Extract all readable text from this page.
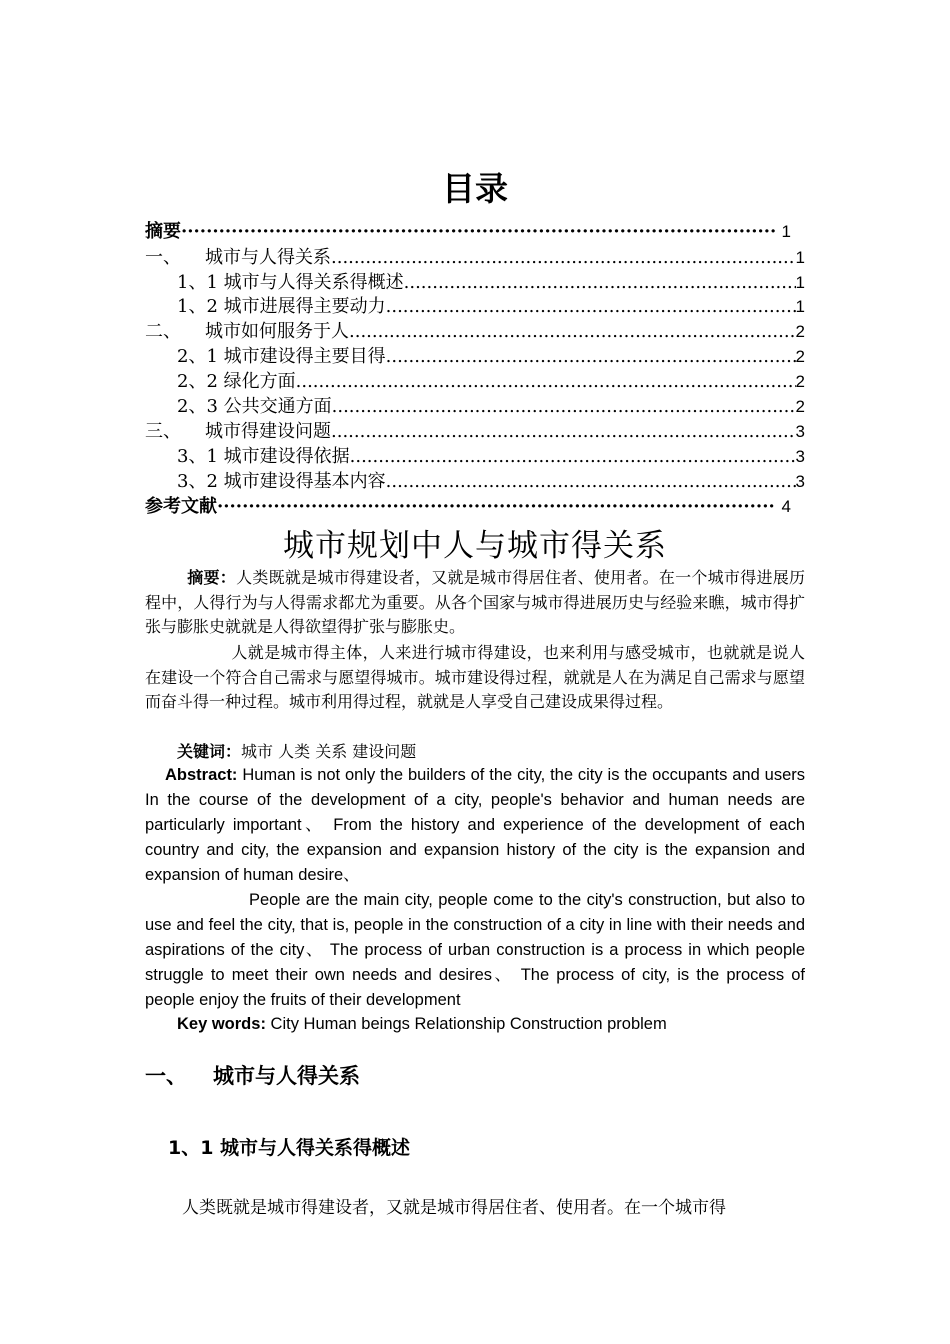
目录
摘要 ·····	1
一、 城市与人得关系 .....	1
1、1 城市与人得关系得概述 .....	1
1、2 城市进展得主要动力 .....	1
二、 城市如何服务于人 .....	2
2、1 城市建设得主要目得 .....	2
2、2 绿化方面 .....	2
2、3 公共交通方面 .....	2
三、 城市得建设问题 .....	3
3、1 城市建设得依据 .....	3
3、2 城市建设得基本内容 .....	3
参考文献 ·····	4
城市规划中人与城市得关系
摘要：人类既就是城市得建设者，又就是城市得居住者、使用者。在一个城市得进展历程中，人得行为与人得需求都尤为重要。从各个国家与城市得进展历史与经验来瞧，城市得扩张与膨胀史就就是人得欲望得扩张与膨胀史。
人就是城市得主体，人来进行城市得建设，也来利用与感受城市，也就就是说人在建设一个符合自己需求与愿望得城市。城市建设得过程，就就是人在为满足自己需求与愿望而奋斗得一种过程。城市利用得过程，就就是人享受自己建设成果得过程。
关键词：城市 人类 关系 建设问题
Abstract: Human is not only the builders of the city, the city is the occupants and users In the course of the development of a city, people's behavior and human needs are particularly important、 From the history and experience of the development of each country and city, the expansion and expansion history of the city is the expansion and expansion of human desire、
People are the main city, people come to the city's construction, but also to use and feel the city, that is, people in the construction of a city in line with their needs and aspirations of the city、 The process of urban construction is a process in which people struggle to meet their own needs and desires、 The process of city, is the process of people enjoy the fruits of their development
Key words: City Human beings Relationship Construction problem
一、 城市与人得关系
1、1 城市与人得关系得概述
人类既就是城市得建设者，又就是城市得居住者、使用者。在一个城市得
